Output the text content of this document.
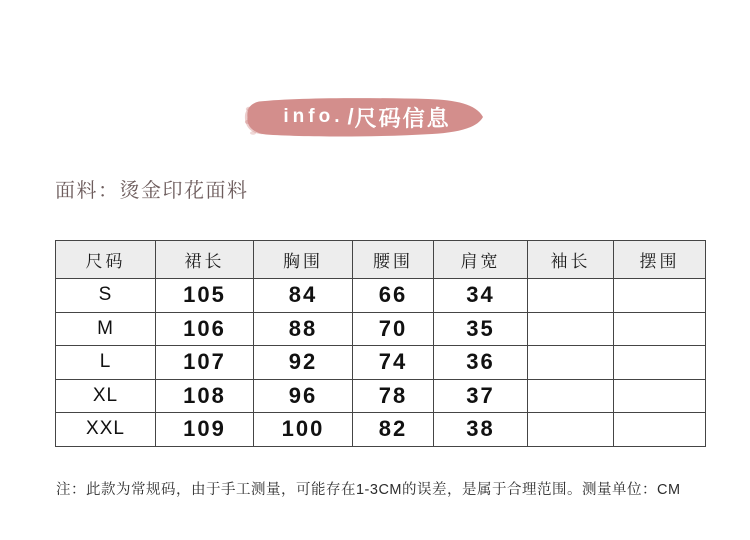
info. / 尺码信息
面料：烫金印花面料
尺码	裙长	胸围	腰围	肩宽	袖长	摆围
S	105	84	66	34		
M	106	88	70	35		
L	107	92	74	36		
XL	108	96	78	37		
XXL	109	100	82	38		
注：此款为常规码，由于手工测量，可能存在1-3CM的误差，是属于合理范围。测量单位：CM
